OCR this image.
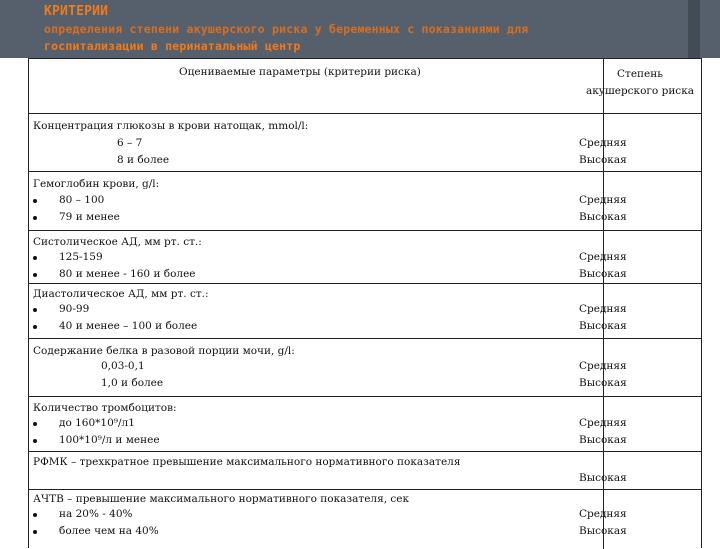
КРИТЕРИИ
определения степени акушерского риска у беременных с показаниями для
госпитализации в перинатальный центр
Оцениваемые параметры (критерии риска)	Степень акушерского риска
Концентрация глюкозы в крови натощак, mmol/l:
6 – 7
8 и более
Средняя
Высокая
Гемоглобин крови, g/l:
80 – 100
79 и менее
Средняя
Высокая
Систолическое АД, мм рт. ст.:
125-159
80 и менее - 160 и более
Средняя
Высокая
Диастолическое АД, мм рт. ст.:
90-99
40 и менее – 100 и более
Средняя
Высокая
Содержание белка в разовой порции мочи, g/l:
0,03-0,1
1,0 и более
Средняя
Высокая
Количество тромбоцитов:
до 160*10⁹/л1
100*10⁹/л и менее
Средняя
Высокая
РФМК – трехкратное превышение максимального нормативного показателя
Высокая
АЧТВ – превышение максимального нормативного показателя, сек
на 20% - 40%
более чем на 40%
Средняя
Высокая
